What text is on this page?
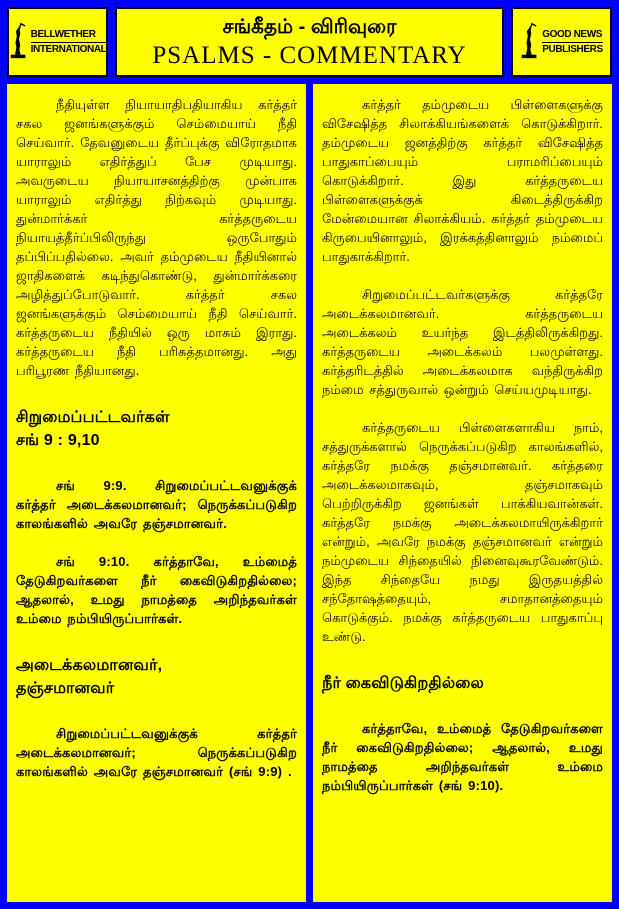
BELLWETHER
INTERNATIONAL
சங்கீதம் - விரிவுரை
PSALMS - COMMENTARY
GOOD NEWS
PUBLISHERS

நீதியுள்ள நியாயாதிபதியாகிய கர்த்தர் சகல ஜனங்களுக்கும் செம்மையாய் நீதி செய்வார். தேவனுடைய தீர்ப்புக்கு விரோதமாக யாராலும் எதிர்த்துப் பேச முடியாது. அவருடைய நியாயாசனத்திற்கு முன்பாக யாராலும் எதிர்த்து நிற்கவும் முடியாது. துன்மார்க்கர் கர்த்தருடைய நியாயத்தீர்ப்பிலிருந்து ஒருபோதும் தப்பிப்பதில்லை. அவர் தம்முடைய நீதியினால் ஜாதிகளைக் கடிந்துகொண்டு, துன்மார்க்கரை அழித்துப்போடுவார். கர்த்தர் சகல ஜனங்களுக்கும் செம்மையாய் நீதி செய்வார். கர்த்தருடைய நீதியில் ஒரு மாசும் இராது. கர்த்தருடைய நீதி பரிசுத்தமானது. அது பரிபூரண நீதியானது.

சிறுமைப்பட்டவர்கள்
சங் 9 : 9,10

சங் 9:9. சிறுமைப்பட்டவனுக்குக் கர்த்தர் அடைக்கலமானவர்; நெருக்கப்படுகிற காலங்களில் அவரே தஞ்சமானவர்.

சங் 9:10. கர்த்தாவே, உம்மைத் தேடுகிறவர்களை நீர் கைவிடுகிறதில்லை; ஆதலால், உமது நாமத்தை அறிந்தவர்கள் உம்மை நம்பியிருப்பார்கள்.

அடைக்கலமானவர்,
தஞ்சமானவர்

சிறுமைப்பட்டவனுக்குக் கர்த்தர் அடைக்கலமானவர்; நெருக்கப்படுகிற காலங்களில் அவரே தஞ்சமானவர் (சங் 9:9) .

கர்த்தர் தம்முடைய பிள்ளைகளுக்கு விசேஷித்த சிலாக்கியங்களைக் கொடுக்கிறார். தம்முடைய ஜனத்திற்கு கர்த்தர் விசேஷித்த பாதுகாப்பையும் பராமரிப்பையும் கொடுக்கிறார். இது கர்த்தருடைய பிள்ளைகளுக்குக் கிடைத்திருக்கிற மேன்மையான சிலாக்கியம். கர்த்தர் தம்முடைய கிருபையினாலும், இரக்கத்தினாலும் நம்மைப் பாதுகாக்கிறார்.

சிறுமைப்பட்டவர்களுக்கு கர்த்தரே அடைக்கலமானவர். கர்த்தருடைய அடைக்கலம் உயர்ந்த இடத்திலிருக்கிறது. கர்த்தருடைய அடைக்கலம் பலமுள்ளது. கர்த்தரிடத்தில் அடைக்கலமாக வந்திருக்கிற நம்மை சத்துருவால் ஒன்றும் செய்யமுடியாது.

கர்த்தருடைய பிள்ளைகளாகிய நாம், சத்துருக்களால் நெருக்கப்படுகிற காலங்களில், கர்த்தரே நமக்கு தஞ்சமானவர். கர்த்தரை அடைக்கலமாகவும், தஞ்சமாகவும் பெற்றிருக்கிற ஜனங்கள் பாக்கியவான்கள். கர்த்தரே நமக்கு அடைக்கலமாயிருக்கிறார் என்றும், அவரே நமக்கு தஞ்சமானவர் என்றும் நம்முடைய சிந்தையில் நினைவுகூரவேண்டும். இந்த சிந்தையே நமது இருதயத்தில் சந்தோஷத்தையும், சமாதானத்தையும் கொடுக்கும். நமக்கு கர்த்தருடைய பாதுகாப்பு உண்டு.

நீர் கைவிடுகிறதில்லை

கர்த்தாவே, உம்மைத் தேடுகிறவர்களை நீர் கைவிடுகிறதில்லை; ஆதலால், உமது நாமத்தை அறிந்தவர்கள் உம்மை நம்பியிருப்பார்கள் (சங் 9:10).
